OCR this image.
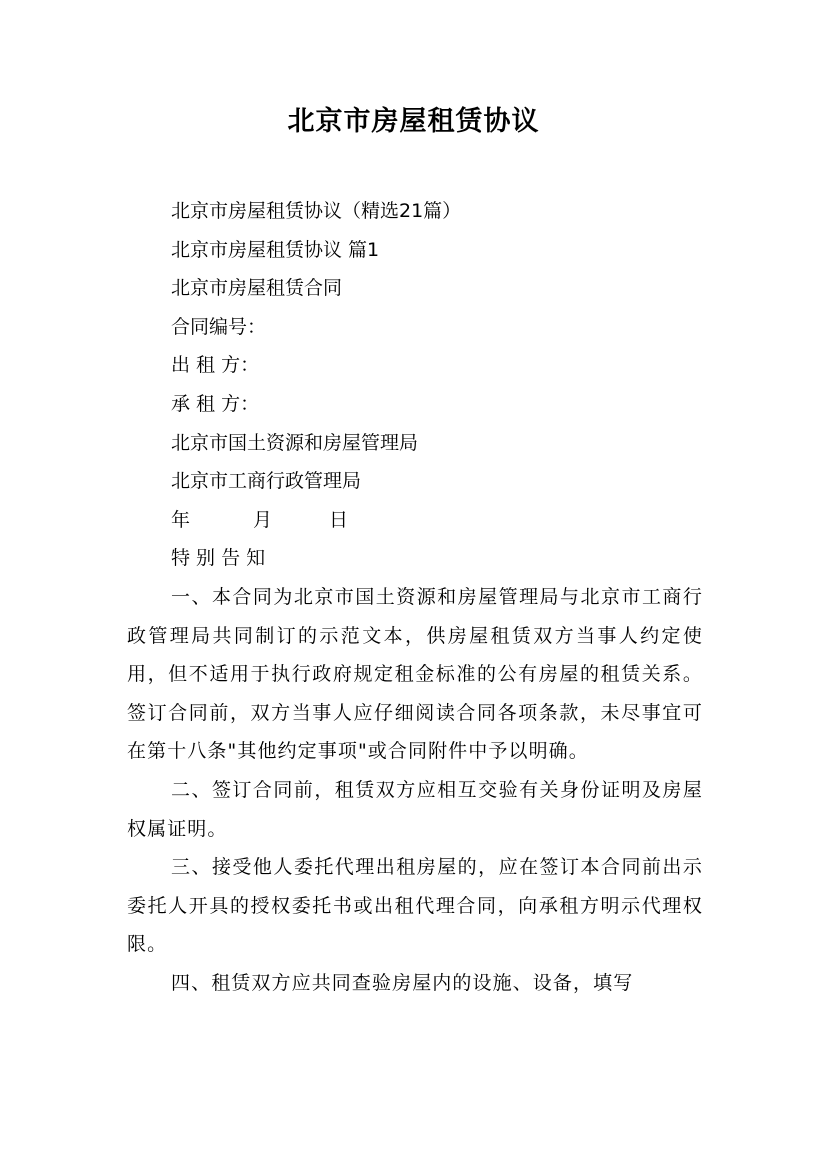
北京市房屋租赁协议

北京市房屋租赁协议（精选21篇）

北京市房屋租赁协议 篇1

北京市房屋租赁合同

合同编号：

出 租 方：

承 租 方：

北京市国土资源和房屋管理局

北京市工商行政管理局

年	月	日

特 别 告 知

一、本合同为北京市国土资源和房屋管理局与北京市工商行政管理局共同制订的示范文本，供房屋租赁双方当事人约定使用，但不适用于执行政府规定租金标准的公有房屋的租赁关系。签订合同前，双方当事人应仔细阅读合同各项条款，未尽事宜可在第十八条"其他约定事项"或合同附件中予以明确。

二、签订合同前，租赁双方应相互交验有关身份证明及房屋权属证明。

三、接受他人委托代理出租房屋的，应在签订本合同前出示委托人开具的授权委托书或出租代理合同，向承租方明示代理权限。

四、租赁双方应共同查验房屋内的设施、设备，填写
